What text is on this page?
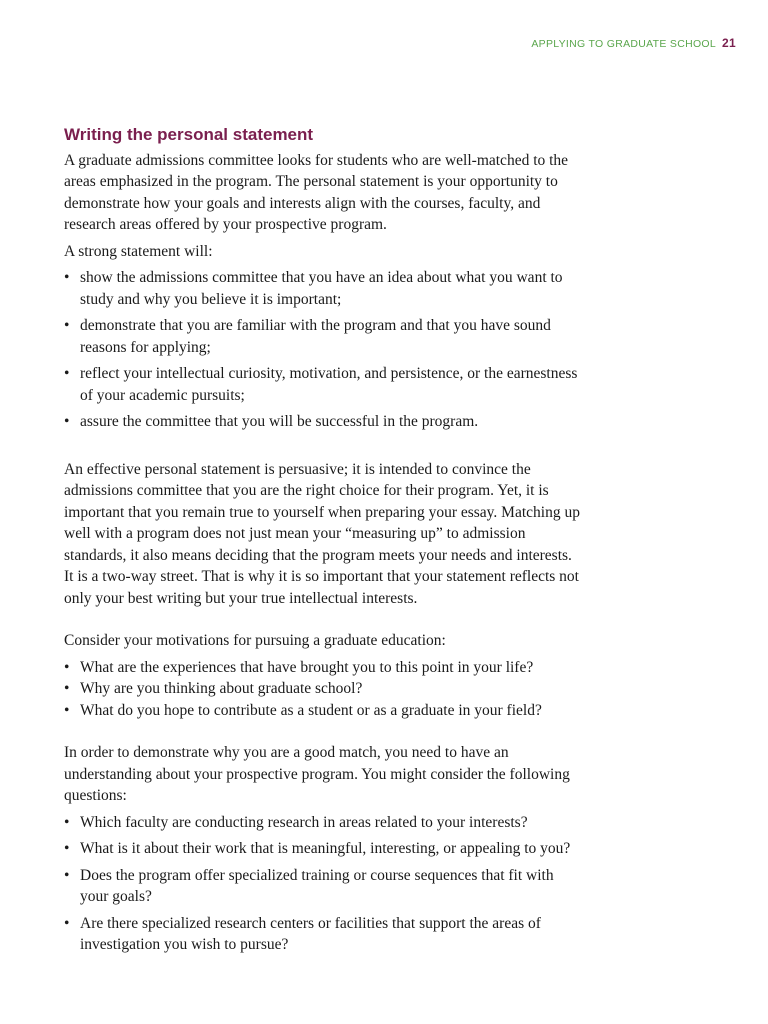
APPLYING TO GRADUATE SCHOOL 21
Writing the personal statement

A graduate admissions committee looks for students who are well-matched to the areas emphasized in the program. The personal statement is your opportunity to demonstrate how your goals and interests align with the courses, faculty, and research areas offered by your prospective program.

A strong statement will:

• show the admissions committee that you have an idea about what you want to study and why you believe it is important;
• demonstrate that you are familiar with the program and that you have sound reasons for applying;
• reflect your intellectual curiosity, motivation, and persistence, or the earnestness of your academic pursuits;
• assure the committee that you will be successful in the program.

An effective personal statement is persuasive; it is intended to convince the admissions committee that you are the right choice for their program. Yet, it is important that you remain true to yourself when preparing your essay. Matching up well with a program does not just mean your “measuring up” to admission standards, it also means deciding that the program meets your needs and interests. It is a two-way street. That is why it is so important that your statement reflects not only your best writing but your true intellectual interests.

Consider your motivations for pursuing a graduate education:

• What are the experiences that have brought you to this point in your life?
• Why are you thinking about graduate school?
• What do you hope to contribute as a student or as a graduate in your field?

In order to demonstrate why you are a good match, you need to have an understanding about your prospective program. You might consider the following questions:

• Which faculty are conducting research in areas related to your interests?
• What is it about their work that is meaningful, interesting, or appealing to you?
• Does the program offer specialized training or course sequences that fit with your goals?
• Are there specialized research centers or facilities that support the areas of investigation you wish to pursue?
